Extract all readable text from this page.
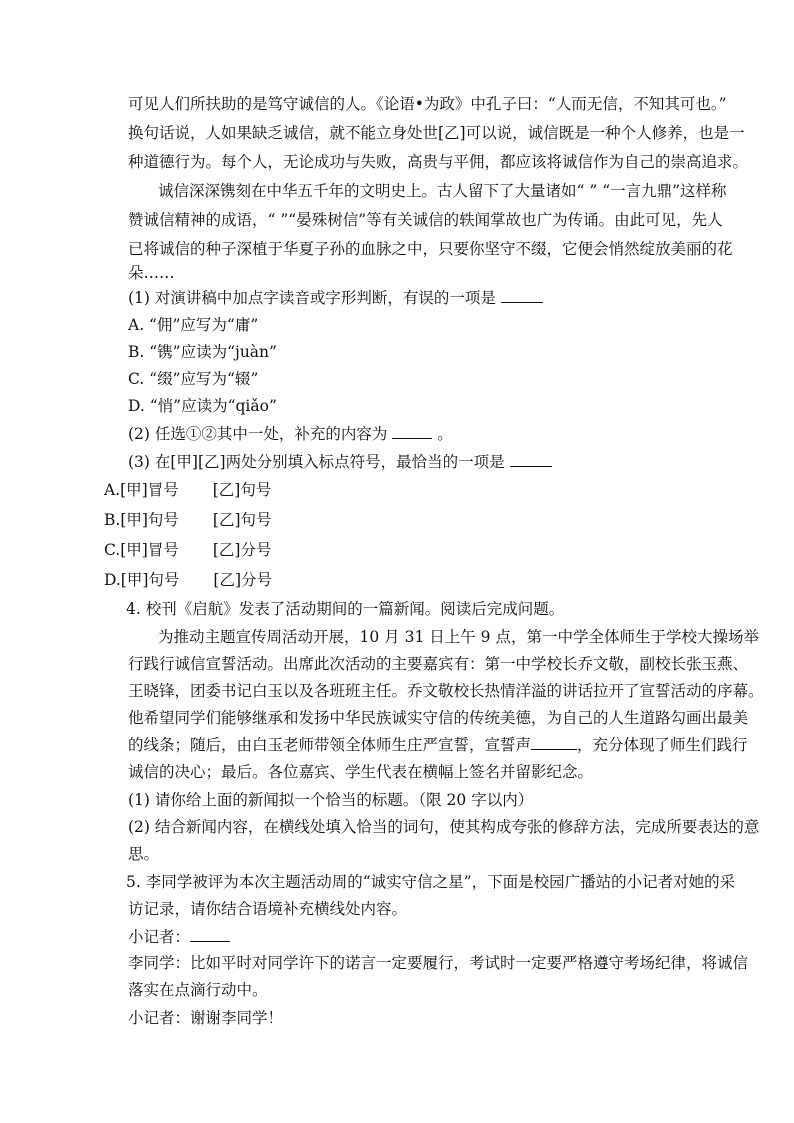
可见人们所扶助的是笃守诚信的人。《论语•为政》中孔子曰：“人而无信，不知其可也。”
换句话说，人如果缺乏诚信，就不能立身处世[乙]可以说，诚信既是一种个人修养，也是一
种道德行为。每个人，无论成功与失败，高贵与平佣，都应该将诚信作为自己的崇高追求。
诚信深深镌刻在中华五千年的文明史上。古人留下了大量诸如“ ” “一言九鼎”这样称
赞诚信精神的成语，“ ”“晏殊树信”等有关诚信的轶闻掌故也广为传诵。由此可见，先人
已将诚信的种子深植于华夏子孙的血脉之中，只要你坚守不缀，它便会悄然绽放美丽的花
朵……
(1) 对演讲稿中加点字读音或字形判断，有误的一项是
A. “佣”应写为“庸”
B. “镌”应读为“juàn”
C. “缀”应写为“辍”
D. “悄”应读为“qiǎo”
(2) 任选①②其中一处，补充的内容为	。
(3) 在[甲][乙]两处分别填入标点符号，最恰当的一项是
A.[甲]冒号 [乙]句号
B.[甲]句号 [乙]句号
C.[甲]冒号 [乙]分号
D.[甲]句号 [乙]分号
4. 校刊《启航》发表了活动期间的一篇新闻。阅读后完成问题。
为推动主题宣传周活动开展，10 月 31 日上午 9 点，第一中学全体师生于学校大操场举
行践行诚信宣誓活动。出席此次活动的主要嘉宾有：第一中学校长乔文敬，副校长张玉燕、
王晓锋，团委书记白玉以及各班班主任。乔文敬校长热情洋溢的讲话拉开了宣誓活动的序幕。
他希望同学们能够继承和发扬中华民族诚实守信的传统美德，为自己的人生道路勾画出最美
的线条；随后，由白玉老师带领全体师生庄严宣誓，宣誓声	，充分体现了师生们践行
诚信的决心；最后。各位嘉宾、学生代表在横幅上签名并留影纪念。
(1) 请你给上面的新闻拟一个恰当的标题。（限 20 字以内）
(2) 结合新闻内容，在横线处填入恰当的词句，使其构成夸张的修辞方法，完成所要表达的意
思。
5. 李同学被评为本次主题活动周的“诚实守信之星”，下面是校园广播站的小记者对她的采
访记录，请你结合语境补充横线处内容。
小记者：
李同学：比如平时对同学许下的诺言一定要履行，考试时一定要严格遵守考场纪律，将诚信
落实在点滴行动中。
小记者：谢谢李同学！
